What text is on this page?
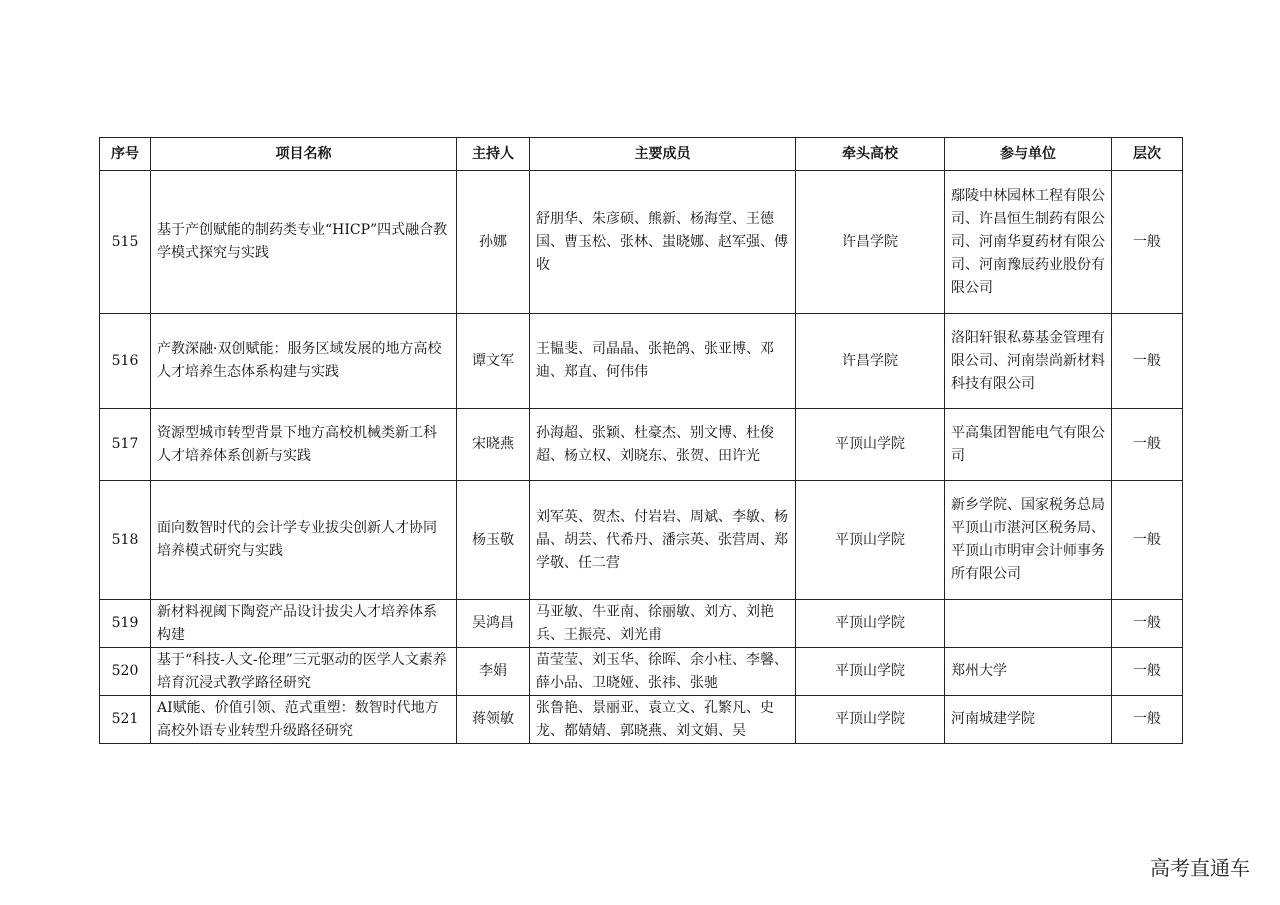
序号	项目名称	主持人	主要成员	牵头高校	参与单位	层次
515	基于产创赋能的制药类专业“HICP”四式融合教学模式探究与实践	孙娜	舒朋华、朱彦硕、熊新、杨海堂、王德国、曹玉松、张林、蚩晓娜、赵军强、傅收	许昌学院	鄢陵中林园林工程有限公司、许昌恒生制药有限公司、河南华夏药材有限公司、河南豫辰药业股份有限公司	一般
516	产教深融·双创赋能：服务区域发展的地方高校人才培养生态体系构建与实践	谭文军	王韫斐、司晶晶、张艳鸽、张亚博、邓迪、郑直、何伟伟	许昌学院	洛阳轩银私募基金管理有限公司、河南崇尚新材料科技有限公司	一般
517	资源型城市转型背景下地方高校机械类新工科人才培养体系创新与实践	宋晓燕	孙海超、张颖、杜豪杰、别文博、杜俊超、杨立权、刘晓东、张贺、田许光	平顶山学院	平高集团智能电气有限公司	一般
518	面向数智时代的会计学专业拔尖创新人才协同培养模式研究与实践	杨玉敬	刘军英、贺杰、付岩岩、周斌、李敏、杨晶、胡芸、代希丹、潘宗英、张营周、郑学敬、任二营	平顶山学院	新乡学院、国家税务总局平顶山市湛河区税务局、平顶山市明审会计师事务所有限公司	一般
519	新材料视阈下陶瓷产品设计拔尖人才培养体系构建	吴鸿昌	马亚敏、牛亚南、徐丽敏、刘方、刘艳兵、王振亮、刘光甫	平顶山学院		一般
520	基于“科技-人文-伦理”三元驱动的医学人文素养培育沉浸式教学路径研究	李娟	苗莹莹、刘玉华、徐晖、余小柱、李馨、薛小品、卫晓娅、张祎、张驰	平顶山学院	郑州大学	一般
521	AI赋能、价值引领、范式重塑：数智时代地方高校外语专业转型升级路径研究	蒋领敏	张鲁艳、景丽亚、袁立文、孔繁凡、史龙、都婧婧、郭晓燕、刘文娟、吴	平顶山学院	河南城建学院	一般
高考直通车
